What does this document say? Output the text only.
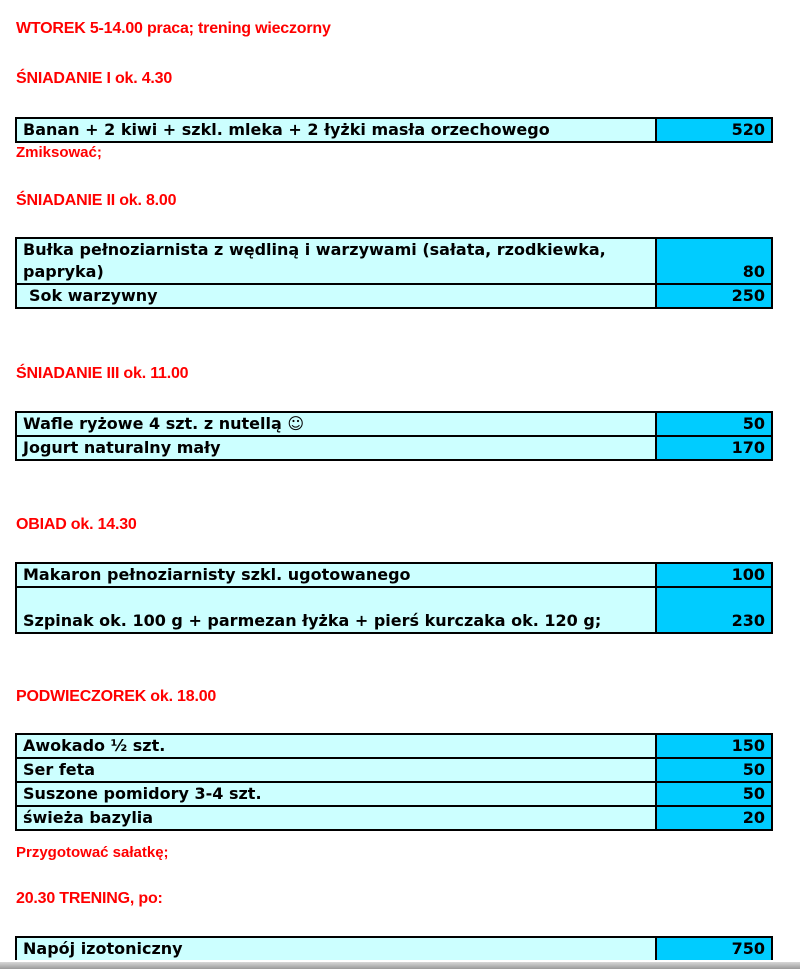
WTOREK 5-14.00 praca; trening wieczorny
ŚNIADANIE I ok. 4.30
Banan + 2 kiwi + szkl. mleka + 2 łyżki masła orzechowego	520
Zmiksować;
ŚNIADANIE II ok. 8.00
Bułka pełnoziarnista z wędliną i warzywami (sałata, rzodkiewka, papryka)	80
Sok warzywny	250
ŚNIADANIE III ok. 11.00
Wafle ryżowe 4 szt. z nutellą ☺	50
Jogurt naturalny mały	170
OBIAD ok. 14.30
Makaron pełnoziarnisty szkl. ugotowanego	100
Szpinak ok. 100 g + parmezan łyżka + pierś kurczaka ok. 120 g;	230
PODWIECZOREK ok. 18.00
Awokado ½ szt.	150
Ser feta	50
Suszone pomidory 3-4 szt.	50
świeża bazylia	20
Przygotować sałatkę;
20.30 TRENING, po:
Napój izotoniczny	750
